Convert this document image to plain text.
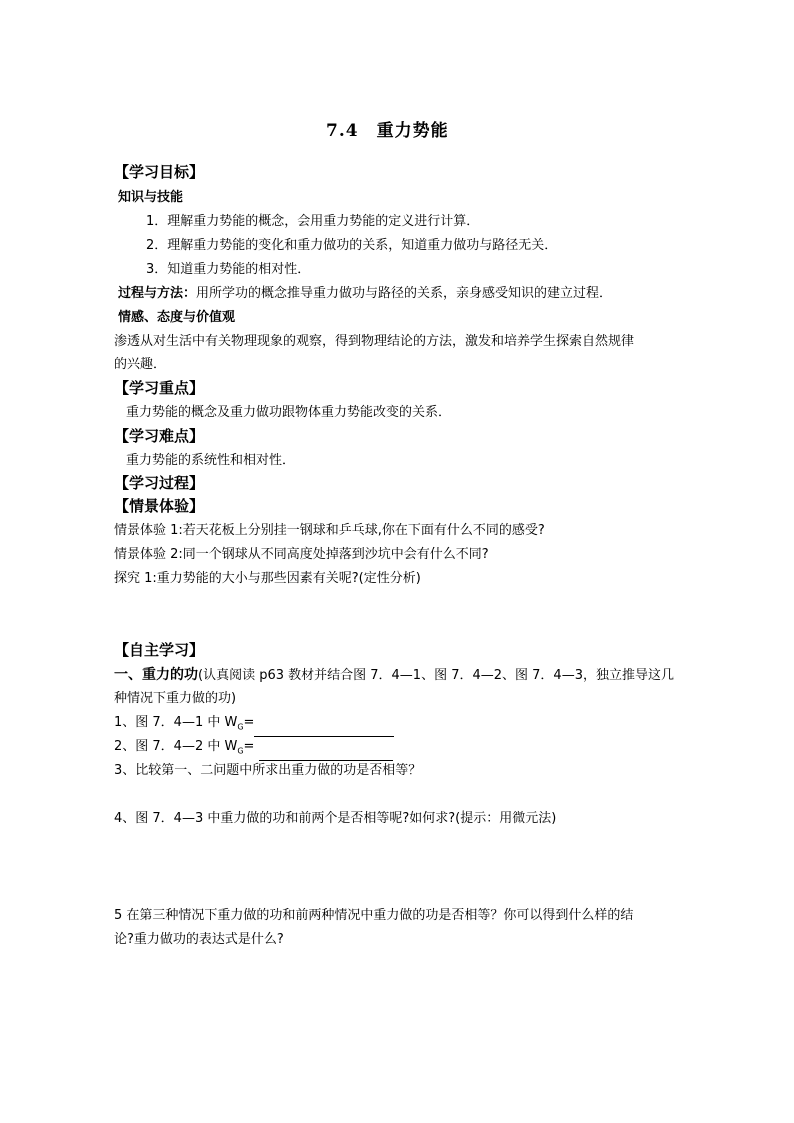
7.4　重力势能
【学习目标】
知识与技能
1．理解重力势能的概念，会用重力势能的定义进行计算．
2．理解重力势能的变化和重力做功的关系，知道重力做功与路径无关．
3．知道重力势能的相对性．
过程与方法：用所学功的概念推导重力做功与路径的关系，亲身感受知识的建立过程．
情感、态度与价值观
渗透从对生活中有关物理现象的观察，得到物理结论的方法，激发和培养学生探索自然规律
的兴趣．
【学习重点】
重力势能的概念及重力做功跟物体重力势能改变的关系．
【学习难点】
重力势能的系统性和相对性．
【学习过程】
【情景体验】
情景体验 1:若天花板上分别挂一钢球和乒乓球,你在下面有什么不同的感受?
情景体验 2:同一个钢球从不同高度处掉落到沙坑中会有什么不同?
探究 1:重力势能的大小与那些因素有关呢?(定性分析)
【自主学习】
一、重力的功(认真阅读 p63 教材并结合图 7．4—1、图 7．4—2、图 7．4—3，独立推导这几
种情况下重力做的功)
1、图 7．4—1 中 $W_G=$
2、图 7．4—2 中 $W_G=$
3、比较第一、二问题中所求出重力做的功是否相等？
4、图 7．4—3 中重力做的功和前两个是否相等呢?如何求?(提示：用微元法)
5 在第三种情况下重力做的功和前两种情况中重力做的功是否相等？你可以得到什么样的结
论?重力做功的表达式是什么?
